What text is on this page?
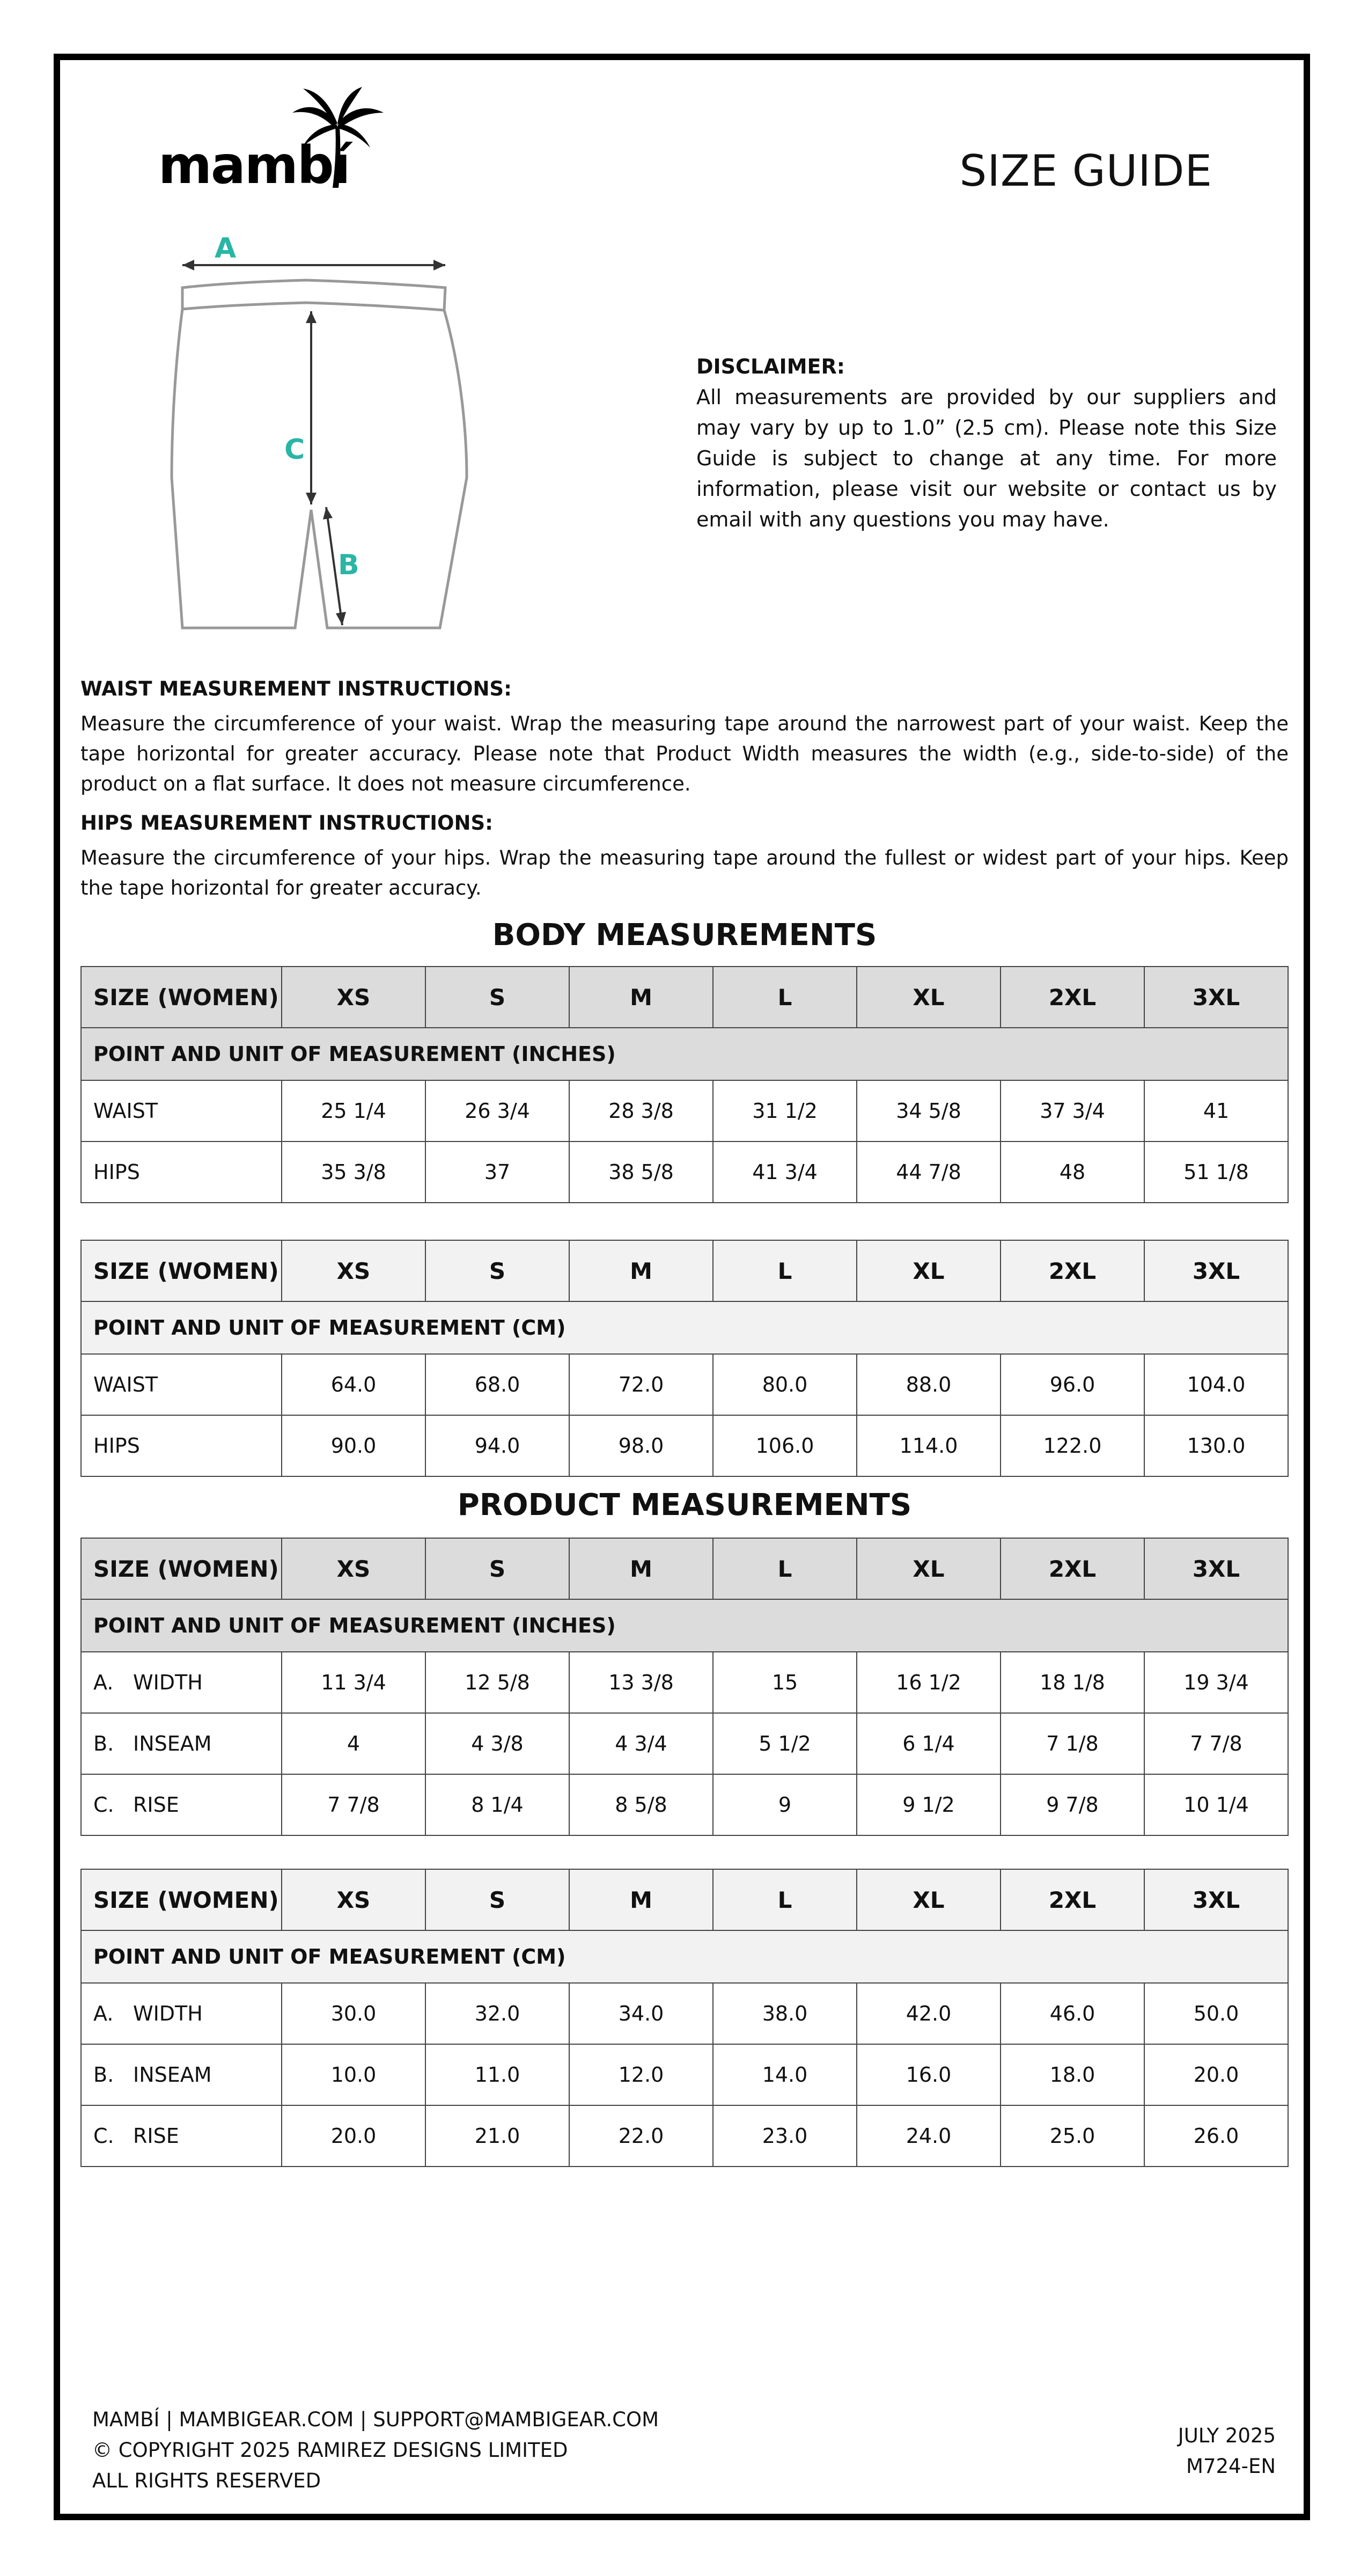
mambí	SIZE GUIDE
A
C
B
DISCLAIMER:
All measurements are provided by our suppliers and may vary by up to 1.0” (2.5 cm). Please note this Size Guide is subject to change at any time. For more information, please visit our website or contact us by email with any questions you may have.
WAIST MEASUREMENT INSTRUCTIONS:
Measure the circumference of your waist. Wrap the measuring tape around the narrowest part of your waist. Keep the tape horizontal for greater accuracy. Please note that Product Width measures the width (e.g., side-to-side) of the product on a flat surface. It does not measure circumference.
HIPS MEASUREMENT INSTRUCTIONS:
Measure the circumference of your hips. Wrap the measuring tape around the fullest or widest part of your hips. Keep the tape horizontal for greater accuracy.
BODY MEASUREMENTS
SIZE (WOMEN)	XS	S	M	L	XL	2XL	3XL
POINT AND UNIT OF MEASUREMENT (INCHES)							
WAIST	25 1/4	26 3/4	28 3/8	31 1/2	34 5/8	37 3/4	41
HIPS	35 3/8	37	38 5/8	41 3/4	44 7/8	48	51 1/8
SIZE (WOMEN)	XS	S	M	L	XL	2XL	3XL
POINT AND UNIT OF MEASUREMENT (CM)							
WAIST	64.0	68.0	72.0	80.0	88.0	96.0	104.0
HIPS	90.0	94.0	98.0	106.0	114.0	122.0	130.0
PRODUCT MEASUREMENTS
SIZE (WOMEN)	XS	S	M	L	XL	2XL	3XL
POINT AND UNIT OF MEASUREMENT (INCHES)							
A. WIDTH	11 3/4	12 5/8	13 3/8	15	16 1/2	18 1/8	19 3/4
B. INSEAM	4	4 3/8	4 3/4	5 1/2	6 1/4	7 1/8	7 7/8
C. RISE	7 7/8	8 1/4	8 5/8	9	9 1/2	9 7/8	10 1/4
SIZE (WOMEN)	XS	S	M	L	XL	2XL	3XL
POINT AND UNIT OF MEASUREMENT (CM)							
A. WIDTH	30.0	32.0	34.0	38.0	42.0	46.0	50.0
B. INSEAM	10.0	11.0	12.0	14.0	16.0	18.0	20.0
C. RISE	20.0	21.0	22.0	23.0	24.0	25.0	26.0
MAMBÍ | MAMBIGEAR.COM | SUPPORT@MAMBIGEAR.COM
© COPYRIGHT 2025 RAMIREZ DESIGNS LIMITED
ALL RIGHTS RESERVED
JULY 2025
M724-EN
